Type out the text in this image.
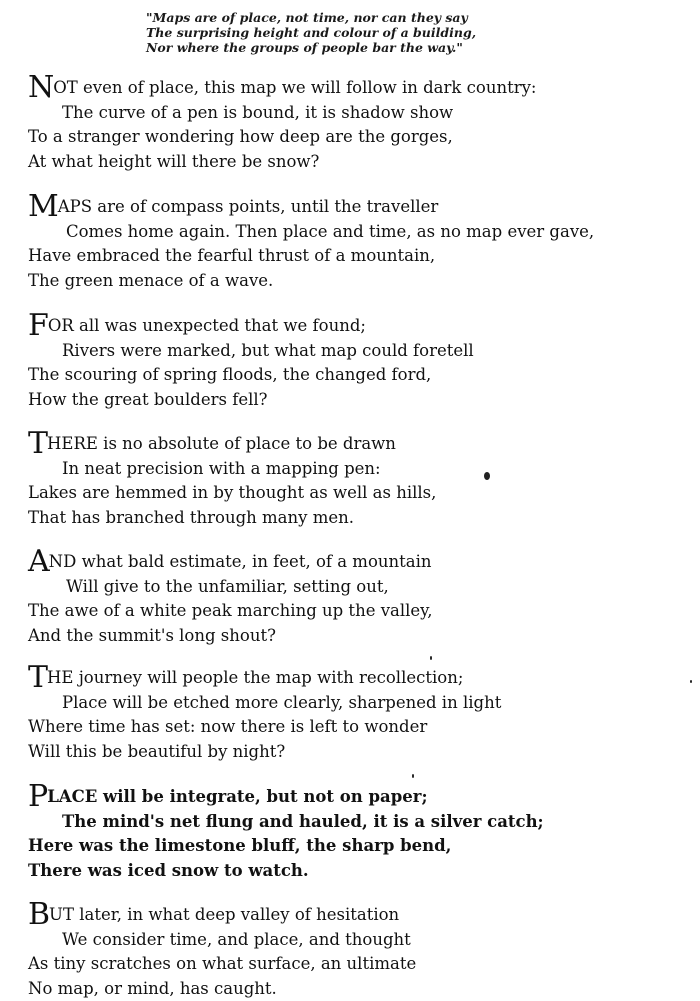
"Maps are of place, not time, nor can they say
The surprising height and colour of a building,
Nor where the groups of people bar the way."
NOT even of place, this map we will follow in dark country:
The curve of a pen is bound, it is shadow show
To a stranger wondering how deep are the gorges,
At what height will there be snow?
MAPS are of compass points, until the traveller
Comes home again. Then place and time, as no map ever gave,
Have embraced the fearful thrust of a mountain,
The green menace of a wave.
FOR all was unexpected that we found;
Rivers were marked, but what map could foretell
The scouring of spring floods, the changed ford,
How the great boulders fell?
THERE is no absolute of place to be drawn
In neat precision with a mapping pen:
Lakes are hemmed in by thought as well as hills,
That has branched through many men.
AND what bald estimate, in feet, of a mountain
Will give to the unfamiliar, setting out,
The awe of a white peak marching up the valley,
And the summit's long shout?
THE journey will people the map with recollection;
Place will be etched more clearly, sharpened in light
Where time has set: now there is left to wonder
Will this be beautiful by night?
PLACE will be integrate, but not on paper;
The mind's net flung and hauled, it is a silver catch;
Here was the limestone bluff, the sharp bend,
There was iced snow to watch.
BUT later, in what deep valley of hesitation
We consider time, and place, and thought
As tiny scratches on what surface, an ultimate
No map, or mind, has caught.
